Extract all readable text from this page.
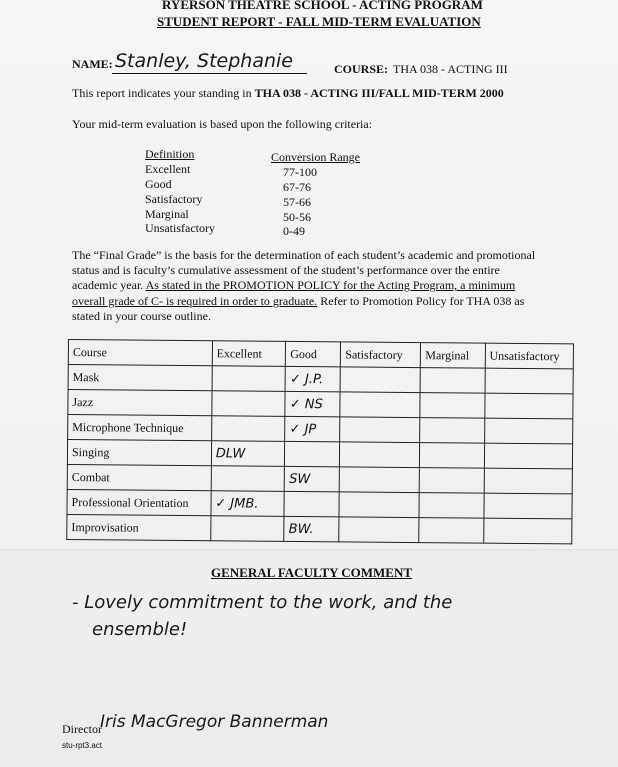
RYERSON THEATRE SCHOOL - ACTING PROGRAM
STUDENT REPORT - FALL MID-TERM EVALUATION
NAME: Stanley, Stephanie	COURSE: THA 038 - ACTING III
This report indicates your standing in THA 038 - ACTING III/FALL MID-TERM 2000
Your mid-term evaluation is based upon the following criteria:
Definition	Conversion Range
Excellent	77-100
Good	67-76
Satisfactory	57-66
Marginal	50-56
Unsatisfactory	0-49
The “Final Grade” is the basis for the determination of each student’s academic and promotional
status and is faculty’s cumulative assessment of the student’s performance over the entire
academic year. As stated in the PROMOTION POLICY for the Acting Program, a minimum
overall grade of C- is required in order to graduate. Refer to Promotion Policy for THA 038 as
stated in your course outline.
Course	Excellent	Good	Satisfactory	Marginal	Unsatisfactory
Mask		✓ J.P.			
Jazz		✓ NS			
Microphone Technique		✓ JP			
Singing	DLW				
Combat		SW			
Professional Orientation	✓ JMB.				
Improvisation		BW.			
GENERAL FACULTY COMMENT
- Lovely commitment to the work, and the
ensemble!
Director
Iris MacGregor Bannerman
stu-rpt3.act
